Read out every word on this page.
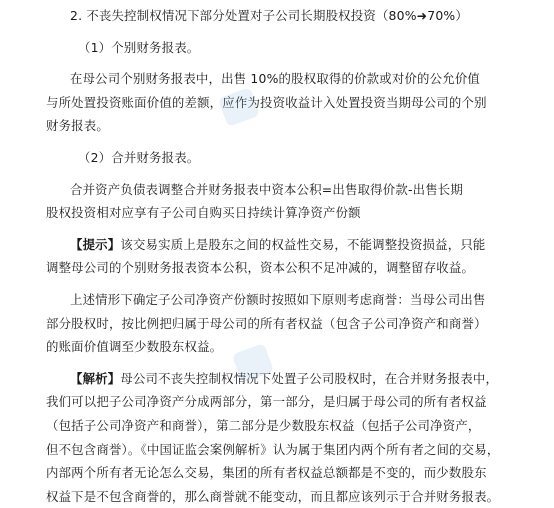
2. 不丧失控制权情况下部分处置对子公司长期股权投资（80%➜70%）
（1）个别财务报表。
在母公司个别财务报表中，出售 10%的股权取得的价款或对价的公允价值
与所处置投资账面价值的差额，应作为投资收益计入处置投资当期母公司的个别
财务报表。
（2）合并财务报表。
合并资产负债表调整合并财务报表中资本公积=出售取得价款-出售长期
股权投资相对应享有子公司自购买日持续计算净资产份额
【提示】该交易实质上是股东之间的权益性交易，不能调整投资损益，只能
调整母公司的个别财务报表资本公积，资本公积不足冲减的，调整留存收益。
上述情形下确定子公司净资产份额时按照如下原则考虑商誉：当母公司出售
部分股权时，按比例把归属于母公司的所有者权益（包含子公司净资产和商誉）
的账面价值调至少数股东权益。
【解析】母公司不丧失控制权情况下处置子公司股权时，在合并财务报表中，
我们可以把子公司净资产分成两部分，第一部分，是归属于母公司的所有者权益
（包括子公司净资产和商誉），第二部分是少数股东权益（包括子公司净资产，
但不包含商誉）。《中国证监会案例解析》认为属于集团内两个所有者之间的交易，
内部两个所有者无论怎么交易，集团的所有者权益总额都是不变的，而少数股东
权益下是不包含商誉的，那么商誉就不能变动，而且都应该列示于合并财务报表。
